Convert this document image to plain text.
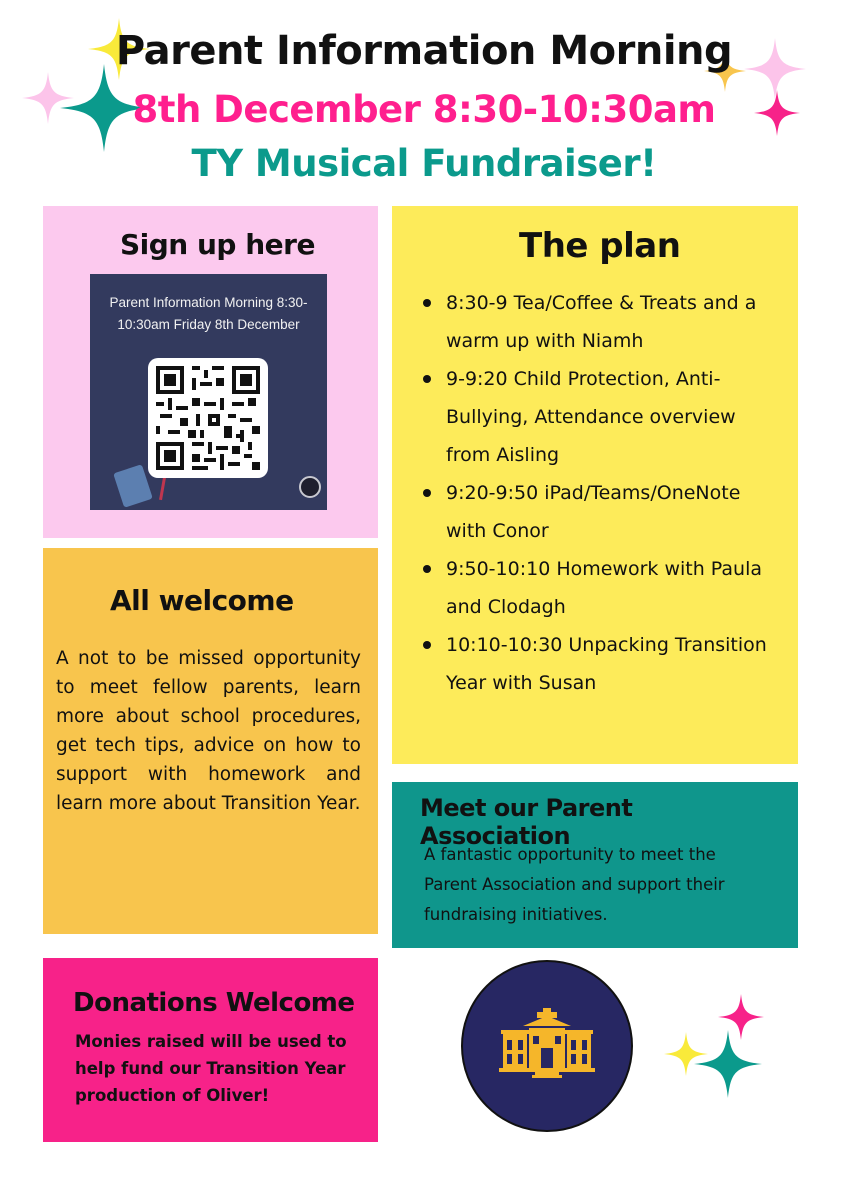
Parent Information Morning
8th December 8:30-10:30am
TY Musical Fundraiser!
Sign up here
Parent Information Morning 8:30-10:30am Friday 8th December
The plan
8:30-9 Tea/Coffee & Treats and a warm up with Niamh
9-9:20 Child Protection, Anti-Bullying, Attendance overview from Aisling
9:20-9:50 iPad/Teams/OneNote with Conor
9:50-10:10 Homework with Paula and Clodagh
10:10-10:30 Unpacking Transition Year with Susan
All welcome
A not to be missed opportunity to meet fellow parents, learn more about school procedures, get tech tips, advice on how to support with homework and learn more about Transition Year. Meet our Parent Association
A fantastic opportunity to meet the Parent Association and support their fundraising initiatives.
Donations Welcome
Monies raised will be used to help fund our Transition Year production of Oliver!
